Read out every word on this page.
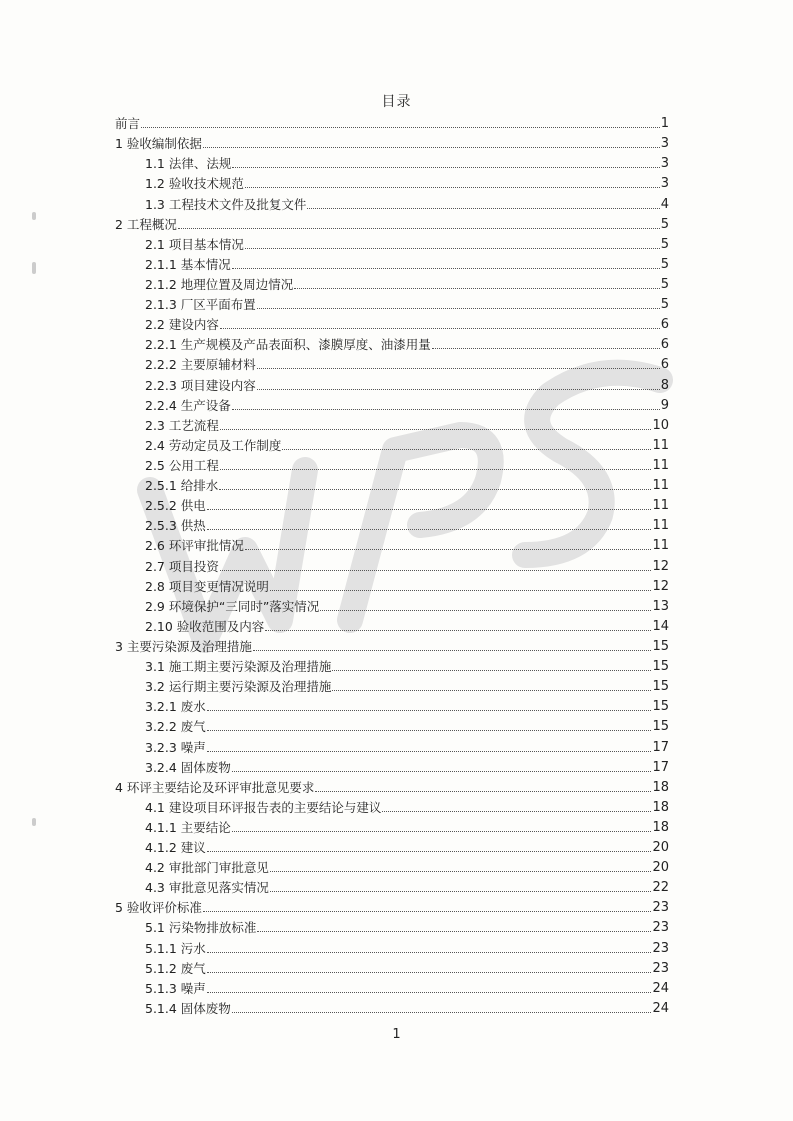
目录
前言	1
1 验收编制依据	3
1.1 法律、法规	3
1.2 验收技术规范	3
1.3 工程技术文件及批复文件	4
2 工程概况	5
2.1 项目基本情况	5
2.1.1 基本情况	5
2.1.2 地理位置及周边情况	5
2.1.3 厂区平面布置	5
2.2 建设内容	6
2.2.1 生产规模及产品表面积、漆膜厚度、油漆用量	6
2.2.2 主要原辅材料	6
2.2.3 项目建设内容	8
2.2.4 生产设备	9
2.3 工艺流程	10
2.4 劳动定员及工作制度	11
2.5 公用工程	11
2.5.1 给排水	11
2.5.2 供电	11
2.5.3 供热	11
2.6 环评审批情况	11
2.7 项目投资	12
2.8 项目变更情况说明	12
2.9 环境保护“三同时”落实情况	13
2.10 验收范围及内容	14
3 主要污染源及治理措施	15
3.1 施工期主要污染源及治理措施	15
3.2 运行期主要污染源及治理措施	15
3.2.1 废水	15
3.2.2 废气	15
3.2.3 噪声	17
3.2.4 固体废物	17
4 环评主要结论及环评审批意见要求	18
4.1 建设项目环评报告表的主要结论与建议	18
4.1.1 主要结论	18
4.1.2 建议	20
4.2 审批部门审批意见	20
4.3 审批意见落实情况	22
5 验收评价标准	23
5.1 污染物排放标准	23
5.1.1 污水	23
5.1.2 废气	23
5.1.3 噪声	24
5.1.4 固体废物	24
1
